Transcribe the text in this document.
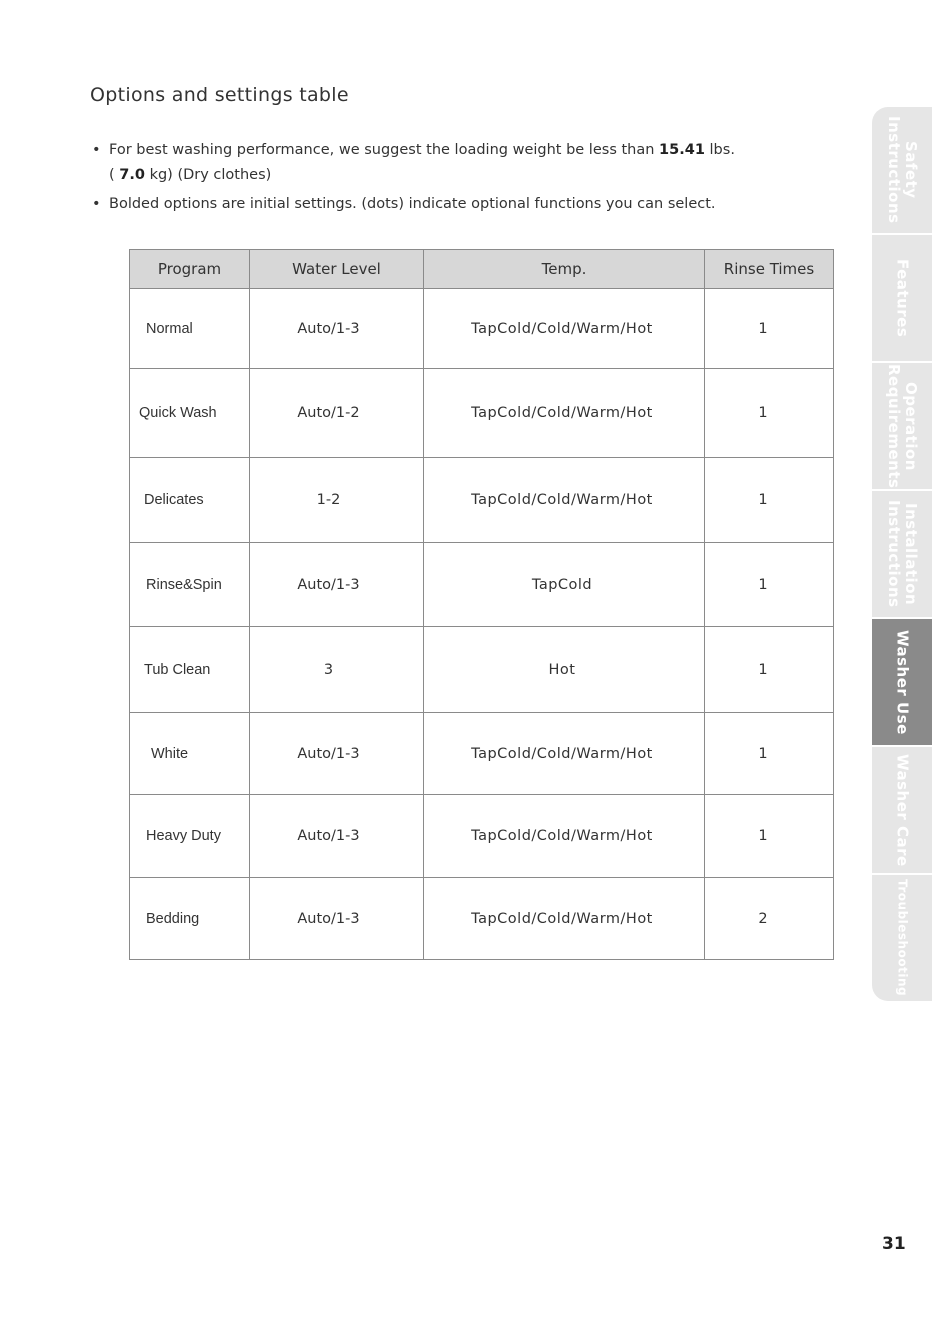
Options and settings table
• For best washing performance, we suggest the loading weight be less than 15.41 lbs.
( 7.0 kg) (Dry clothes)
• Bolded options are initial settings. (dots) indicate optional functions you can select.
Program	Water Level	Temp.	Rinse Times
Normal	Auto/1-3	TapCold/Cold/Warm/Hot	1
Quick Wash	Auto/1-2	TapCold/Cold/Warm/Hot	1
Delicates	1-2	TapCold/Cold/Warm/Hot	1
Rinse&Spin	Auto/1-3	TapCold	1
Tub Clean	3	Hot	1
White	Auto/1-3	TapCold/Cold/Warm/Hot	1
Heavy Duty	Auto/1-3	TapCold/Cold/Warm/Hot	1
Bedding	Auto/1-3	TapCold/Cold/Warm/Hot	2
Safety
Instructions
Features
Operation
Requirements
Installation
Instructions
Washer Use
Washer Care
Troubleshooting
31
